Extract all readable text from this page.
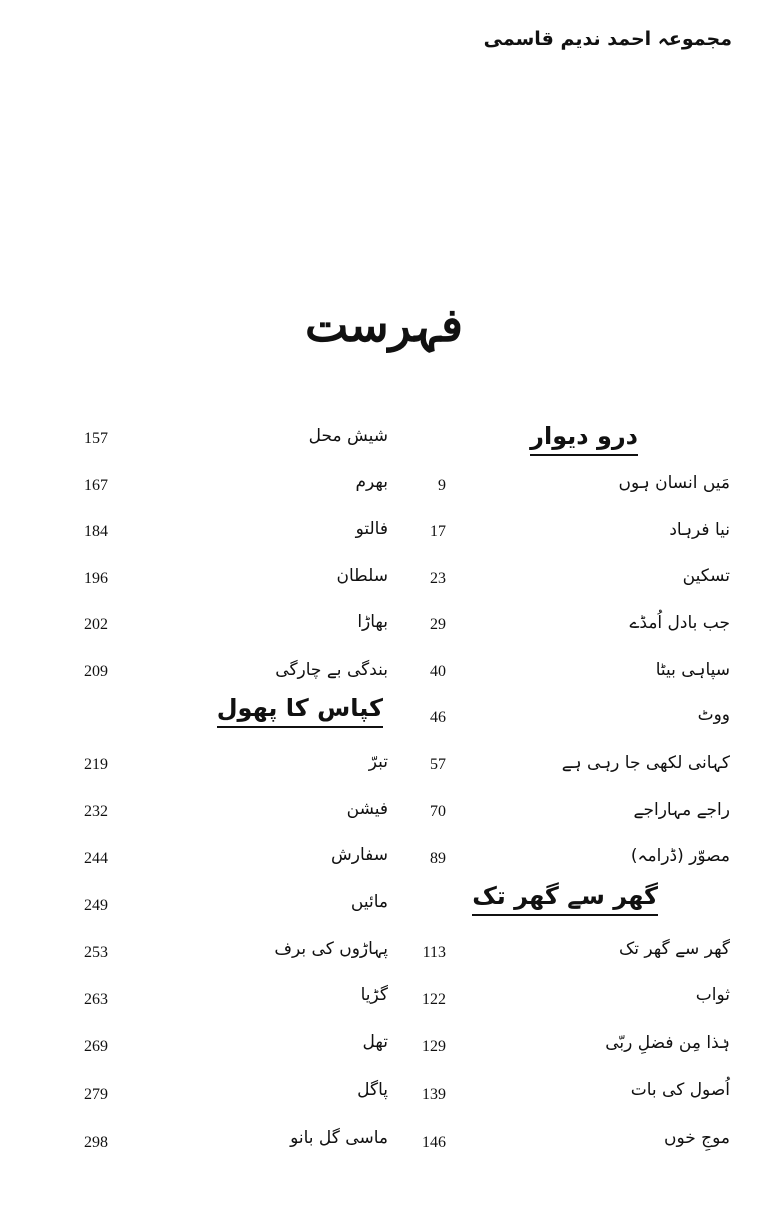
مجموعہ احمد ندیم قاسمی
فہرست
درو دیوار
کپاس کا پھول
گھر سے گھر تک
مَیں انسان ہوں
9
نیا فرہاد
17
تسکین
23
جب بادل اُمڈے
29
سپاہی بیٹا
40
ووٹ
46
کہانی لکھی جا رہی ہے
57
راجے مہاراجے
70
مصوّر (ڈرامہ)
89
گھر سے گھر تک
113
ثواب
122
ہٰذا مِن فضلِ ربّی
129
اُصول کی بات
139
موجِ خوں
146
شیش محل
157
بھرم
167
فالتو
184
سلطان
196
بھاڑا
202
بندگی بے چارگی
209
تبرّ
219
فیشن
232
سفارش
244
مائیں
249
پہاڑوں کی برف
253
گڑیا
263
تھل
269
پاگل
279
ماسی گل بانو
298
